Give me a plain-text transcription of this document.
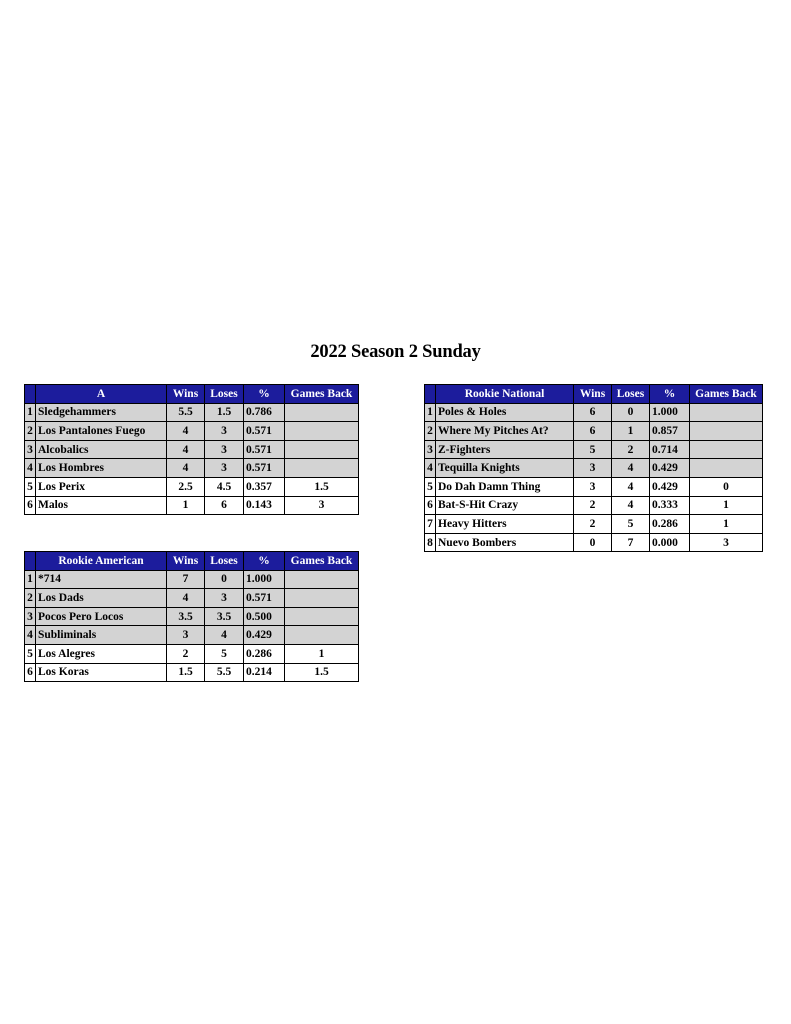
2022 Season 2 Sunday
	A	Wins	Loses	%	Games Back
1	Sledgehammers	5.5	1.5	0.786	
2	Los Pantalones Fuego	4	3	0.571	
3	Alcobalics	4	3	0.571	
4	Los Hombres	4	3	0.571	
5	Los Perix	2.5	4.5	0.357	1.5
6	Malos	1	6	0.143	3
	Rookie National	Wins	Loses	%	Games Back
1	Poles & Holes	6	0	1.000	
2	Where My Pitches At?	6	1	0.857	
3	Z-Fighters	5	2	0.714	
4	Tequilla Knights	3	4	0.429	
5	Do Dah Damn Thing	3	4	0.429	0
6	Bat-S-Hit Crazy	2	4	0.333	1
7	Heavy Hitters	2	5	0.286	1
8	Nuevo Bombers	0	7	0.000	3
	Rookie American	Wins	Loses	%	Games Back
1	*714	7	0	1.000	
2	Los Dads	4	3	0.571	
3	Pocos Pero Locos	3.5	3.5	0.500	
4	Subliminals	3	4	0.429	
5	Los Alegres	2	5	0.286	1
6	Los Koras	1.5	5.5	0.214	1.5
